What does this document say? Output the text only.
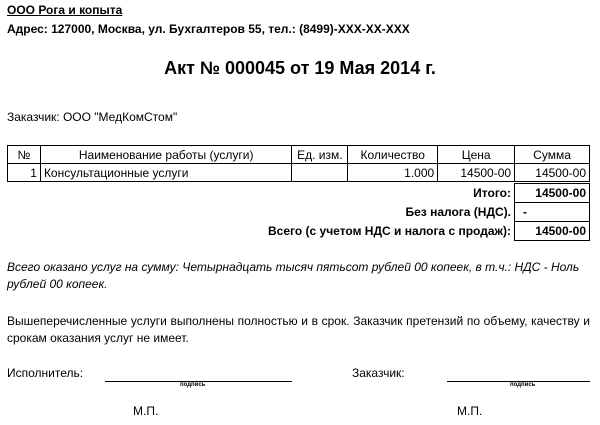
ООО Рога и копыта
Адрес: 127000, Москва, ул. Бухгалтеров 55, тел.: (8499)-XXX-XX-XXX
Акт № 000045 от 19 Мая 2014 г.
Заказчик: ООО "МедКомСтом"
№	Наименование работы (услуги)	Ед. изм.	Количество	Цена	Сумма
1	Консультационные услуги		1.000	14500-00	14500-00
Итого:	14500-00
Без налога (НДС).	-
Всего (с учетом НДС и налога с продаж):	14500-00
Всего оказано услуг на сумму: Четырнадцать тысяч пятьсот рублей 00 копеек, в т.ч.: НДС - Ноль рублей 00 копеек.
Вышеперечисленные услуги выполнены полностью и в срок. Заказчик претензий по объему, качеству и срокам оказания услуг не имеет.
Исполнитель:
подпись
М.П.
Заказчик:
подпись
М.П.
